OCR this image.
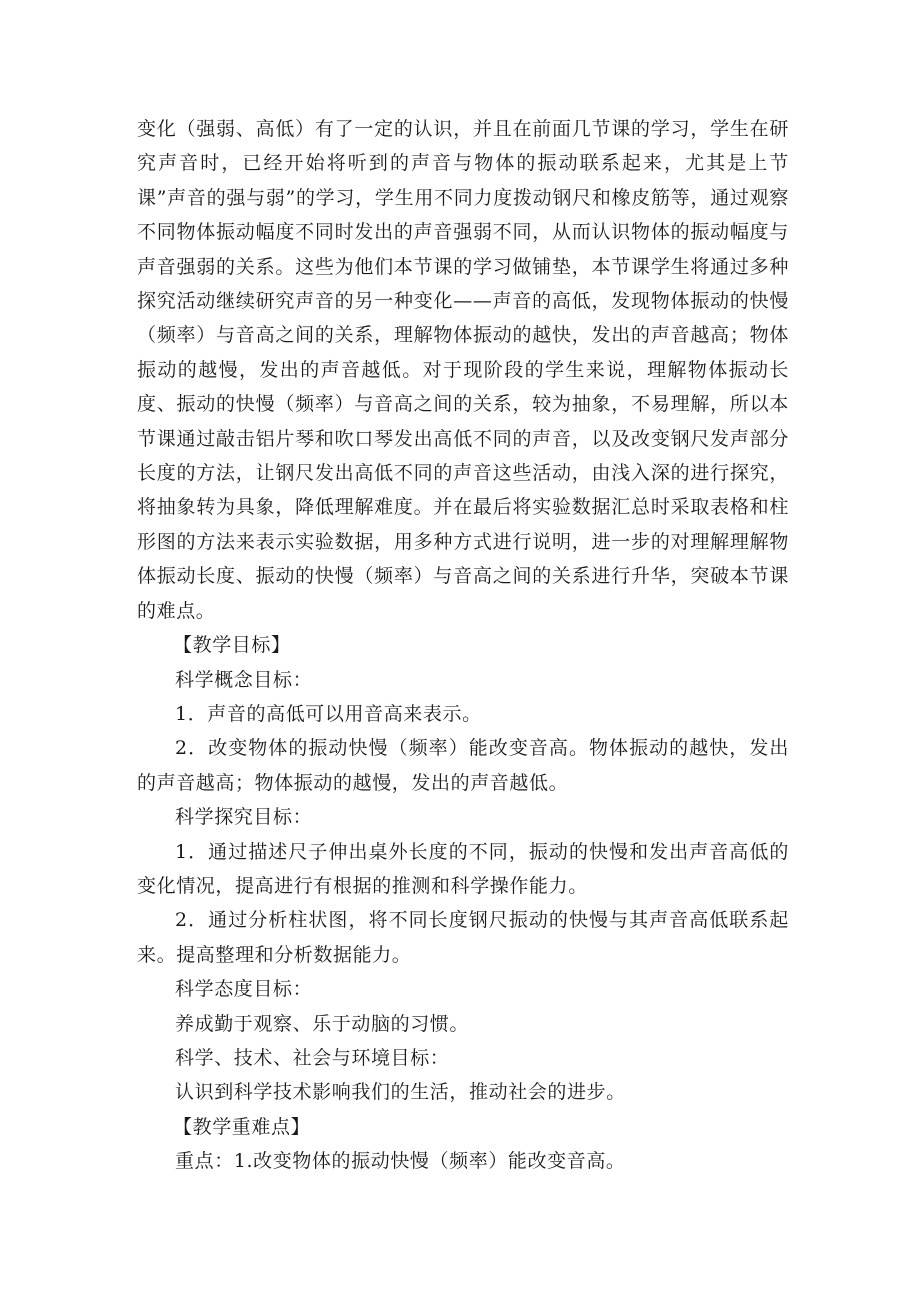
变化（强弱、高低）有了一定的认识，并且在前面几节课的学习，学生在研究声音时，已经开始将听到的声音与物体的振动联系起来，尤其是上节课”声音的强与弱”的学习，学生用不同力度拨动钢尺和橡皮筋等，通过观察不同物体振动幅度不同时发出的声音强弱不同，从而认识物体的振动幅度与声音强弱的关系。这些为他们本节课的学习做铺垫，本节课学生将通过多种探究活动继续研究声音的另一种变化——声音的高低，发现物体振动的快慢（频率）与音高之间的关系，理解物体振动的越快，发出的声音越高；物体振动的越慢，发出的声音越低。对于现阶段的学生来说，理解物体振动长度、振动的快慢（频率）与音高之间的关系，较为抽象，不易理解，所以本节课通过敲击铝片琴和吹口琴发出高低不同的声音，以及改变钢尺发声部分长度的方法，让钢尺发出高低不同的声音这些活动，由浅入深的进行探究，将抽象转为具象，降低理解难度。并在最后将实验数据汇总时采取表格和柱形图的方法来表示实验数据，用多种方式进行说明，进一步的对理解理解物体振动长度、振动的快慢（频率）与音高之间的关系进行升华，突破本节课的难点。

【教学目标】

科学概念目标：

1．声音的高低可以用音高来表示。

2．改变物体的振动快慢（频率）能改变音高。物体振动的越快，发出的声音越高；物体振动的越慢，发出的声音越低。

科学探究目标：

1．通过描述尺子伸出桌外长度的不同，振动的快慢和发出声音高低的变化情况，提高进行有根据的推测和科学操作能力。

2．通过分析柱状图，将不同长度钢尺振动的快慢与其声音高低联系起来。提高整理和分析数据能力。

科学态度目标：

养成勤于观察、乐于动脑的习惯。

科学、技术、社会与环境目标：

认识到科学技术影响我们的生活，推动社会的进步。

【教学重难点】

重点：1.改变物体的振动快慢（频率）能改变音高。
